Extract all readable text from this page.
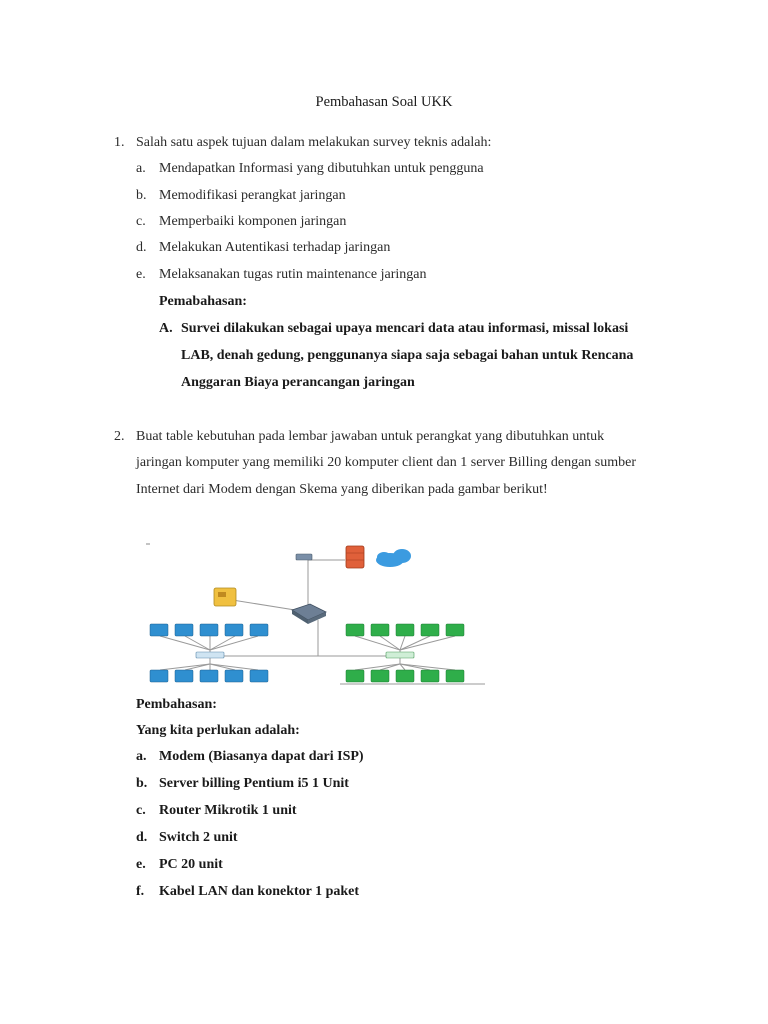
Pembahasan Soal UKK
1. Salah satu aspek tujuan dalam melakukan survey teknis adalah:
a. Mendapatkan Informasi yang dibutuhkan untuk pengguna
b. Memodifikasi perangkat jaringan
c. Memperbaiki komponen jaringan
d. Melakukan Autentikasi terhadap jaringan
e. Melaksanakan tugas rutin maintenance jaringan
Pemabahasan:
A. Survei dilakukan sebagai upaya mencari data atau informasi, missal lokasi
LAB, denah gedung, penggunanya siapa saja sebagai bahan untuk Rencana
Anggaran Biaya perancangan jaringan
2. Buat table kebutuhan pada lembar jawaban untuk perangkat yang dibutuhkan untuk
jaringan komputer yang memiliki 20 komputer client dan 1 server Billing dengan sumber
Internet dari Modem dengan Skema yang diberikan pada gambar berikut!
Pembahasan:
Yang kita perlukan adalah:
a. Modem (Biasanya dapat dari ISP)
b. Server billing Pentium i5 1 Unit
c. Router Mikrotik 1 unit
d. Switch 2 unit
e. PC 20 unit
f. Kabel LAN dan konektor 1 paket
